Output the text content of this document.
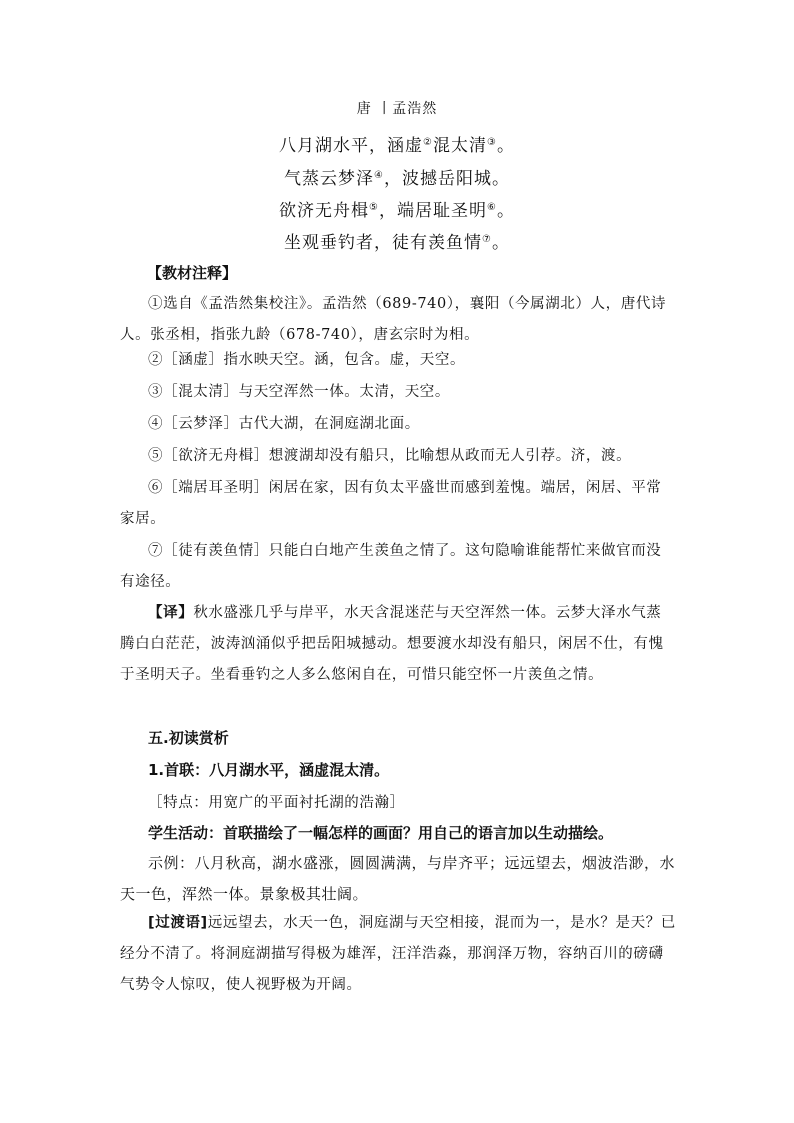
唐 丨孟浩然
八月湖水平，涵虚②混太清③。
气蒸云梦泽④，波撼岳阳城。
欲济无舟楫⑤，端居耻圣明⑥。
坐观垂钓者，徒有羡鱼情⑦。
【教材注释】

①选自《孟浩然集校注》。孟浩然（689-740），襄阳（今属湖北）人，唐代诗人。张丞相，指张九龄（678-740），唐玄宗时为相。

②［涵虚］指水映天空。涵，包含。虚，天空。

③［混太清］与天空浑然一体。太清，天空。

④［云梦泽］古代大湖，在洞庭湖北面。

⑤［欲济无舟楫］想渡湖却没有船只，比喻想从政而无人引荐。济，渡。

⑥［端居耳圣明］闲居在家，因有负太平盛世而感到羞愧。端居，闲居、平常家居。

⑦［徒有羡鱼情］只能白白地产生羡鱼之情了。这句隐喻谁能帮忙来做官而没有途径。

【译】秋水盛涨几乎与岸平，水天含混迷茫与天空浑然一体。云梦大泽水气蒸腾白白茫茫，波涛汹涌似乎把岳阳城撼动。想要渡水却没有船只，闲居不仕，有愧于圣明天子。坐看垂钓之人多么悠闲自在，可惜只能空怀一片羡鱼之情。

五.初读赏析
1.首联：八月湖水平，涵虚混太清。
［特点：用宽广的平面衬托湖的浩瀚］
学生活动：首联描绘了一幅怎样的画面？用自己的语言加以生动描绘。

示例：八月秋高，湖水盛涨，圆圆满满，与岸齐平；远远望去，烟波浩渺，水天一色，浑然一体。景象极其壮阔。

[过渡语]远远望去，水天一色，洞庭湖与天空相接，混而为一，是水？是天？已经分不清了。将洞庭湖描写得极为雄浑，汪洋浩淼，那润泽万物，容纳百川的磅礴气势令人惊叹，使人视野极为开阔。
